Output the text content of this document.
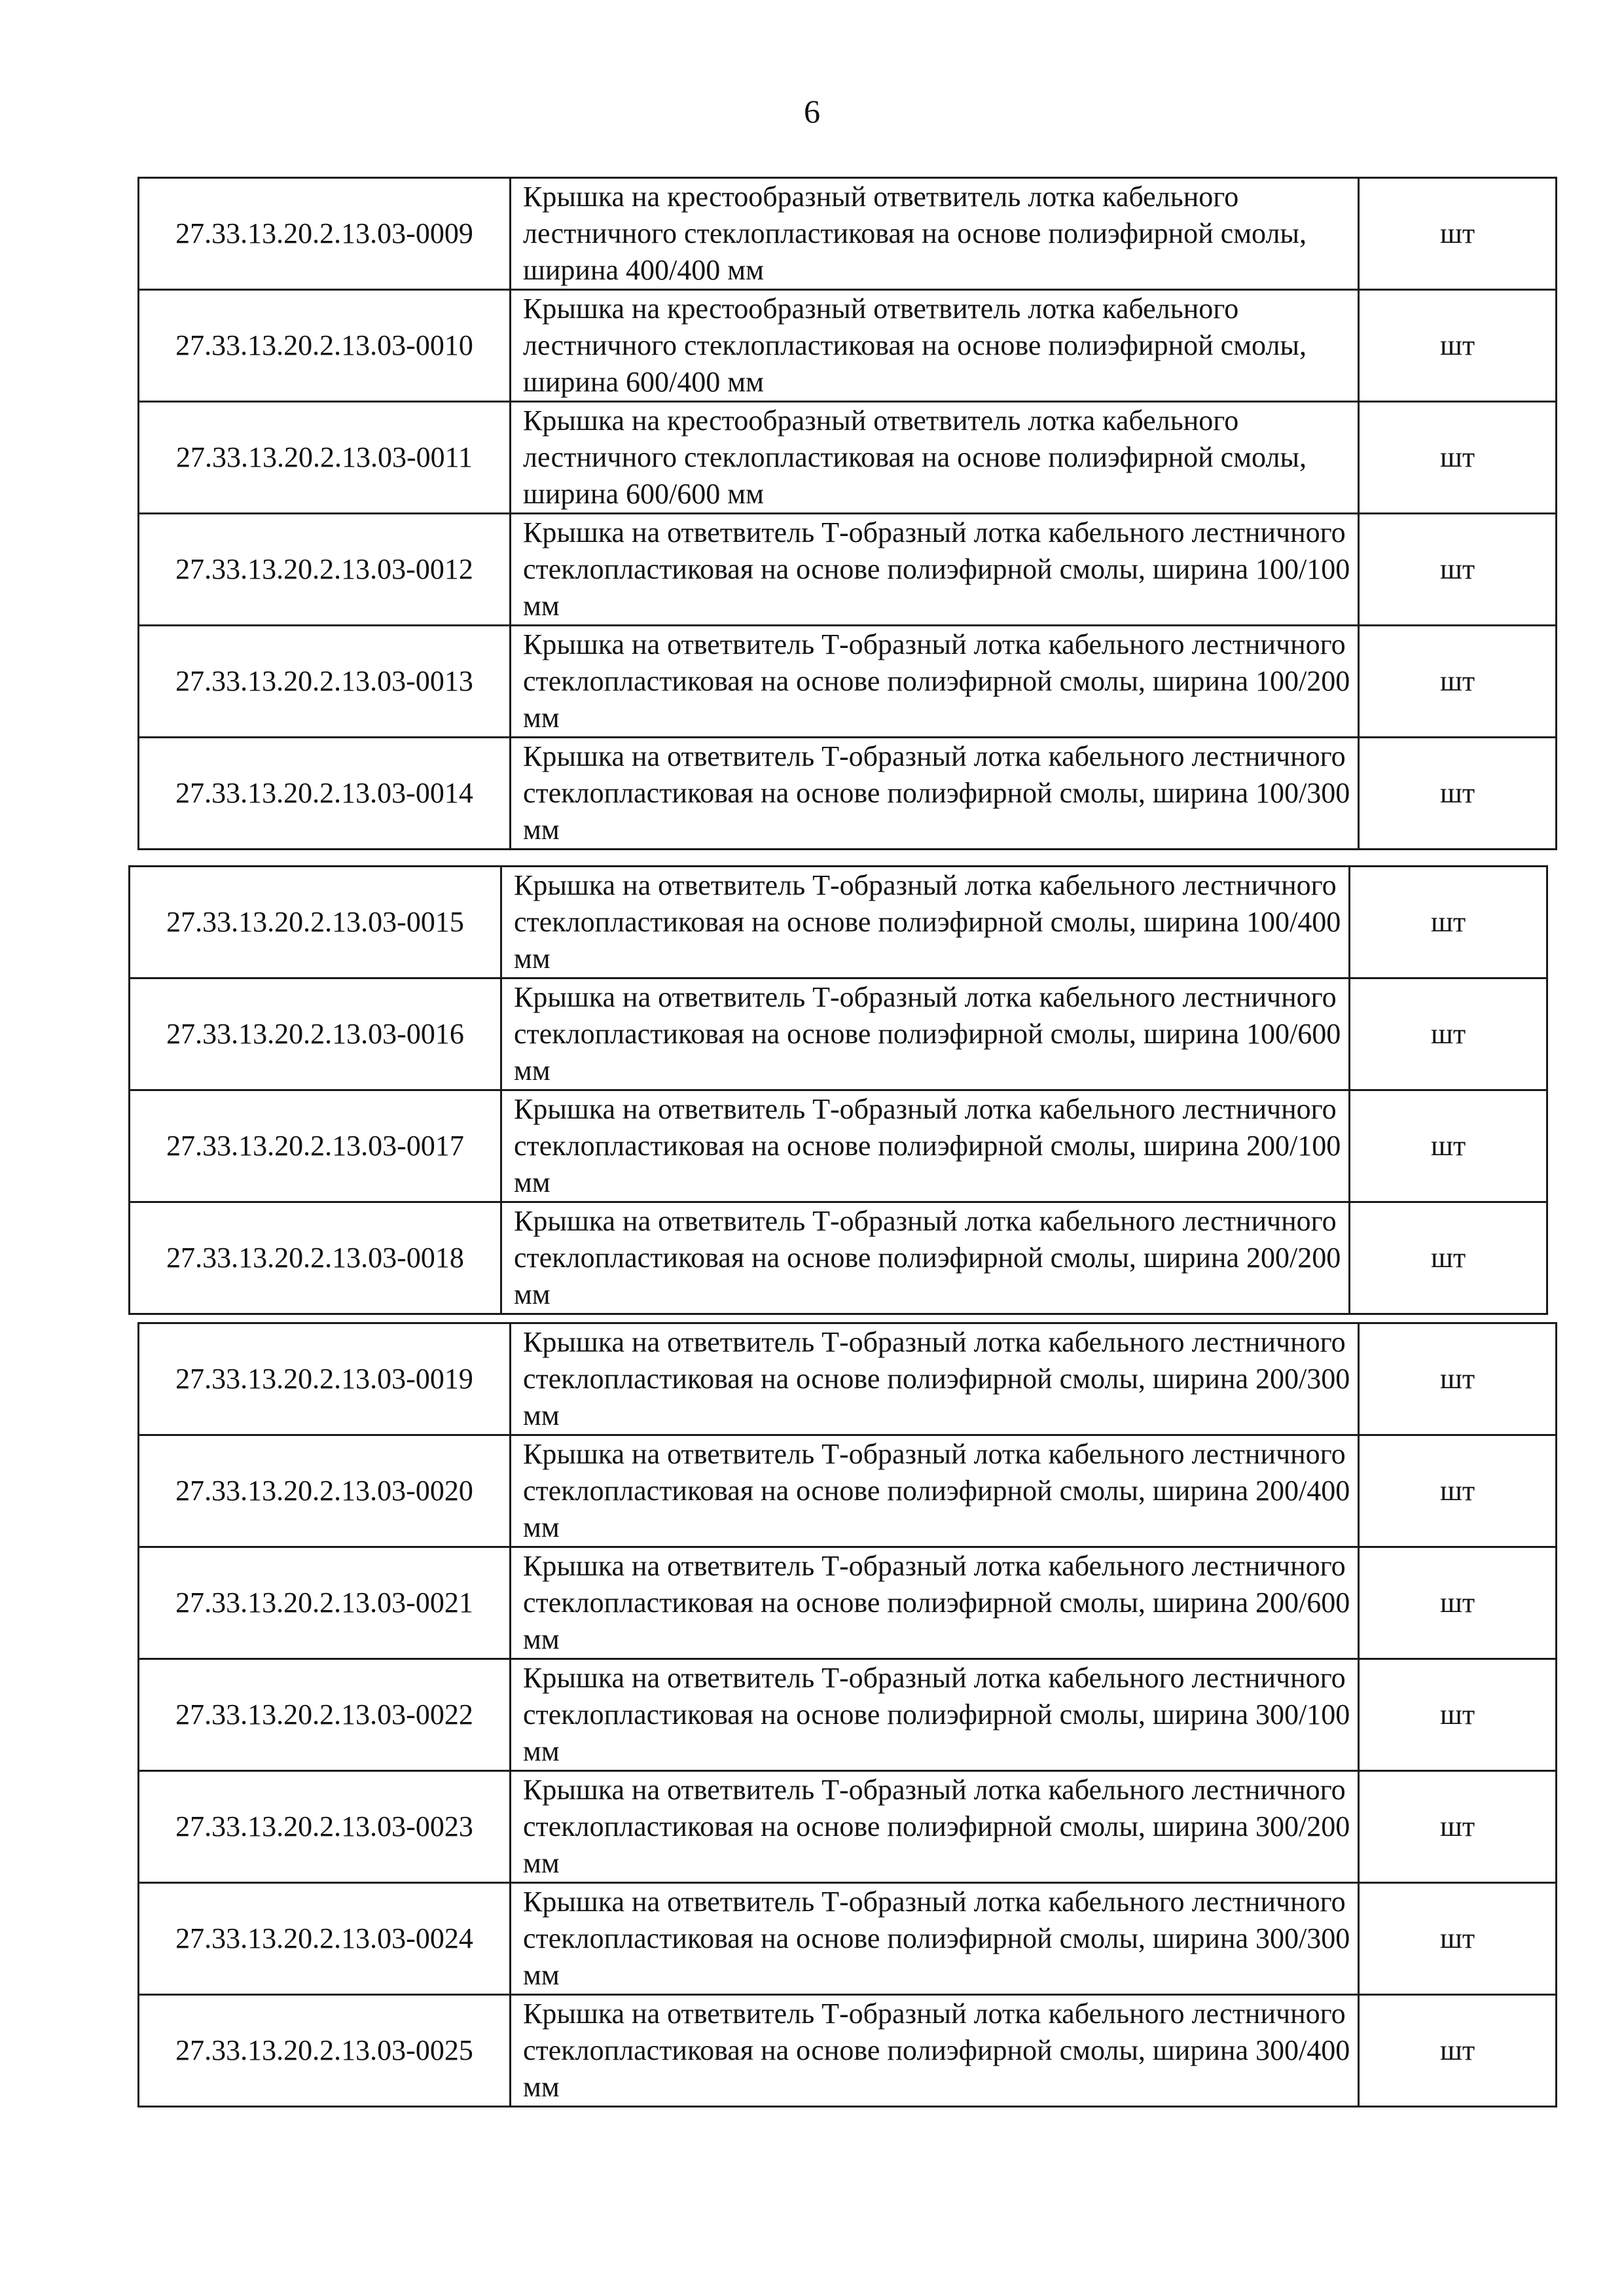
6
27.33.13.20.2.13.03-0009	Крышка на крестообразный ответвитель лотка кабельного лестничного стеклопластиковая на основе полиэфирной смолы, ширина 400/400 мм	шт
27.33.13.20.2.13.03-0010	Крышка на крестообразный ответвитель лотка кабельного лестничного стеклопластиковая на основе полиэфирной смолы, ширина 600/400 мм	шт
27.33.13.20.2.13.03-0011	Крышка на крестообразный ответвитель лотка кабельного лестничного стеклопластиковая на основе полиэфирной смолы, ширина 600/600 мм	шт
27.33.13.20.2.13.03-0012	Крышка на ответвитель Т-образный лотка кабельного лестничного стеклопластиковая на основе полиэфирной смолы, ширина 100/100 мм	шт
27.33.13.20.2.13.03-0013	Крышка на ответвитель Т-образный лотка кабельного лестничного стеклопластиковая на основе полиэфирной смолы, ширина 100/200 мм	шт
27.33.13.20.2.13.03-0014	Крышка на ответвитель Т-образный лотка кабельного лестничного стеклопластиковая на основе полиэфирной смолы, ширина 100/300 мм	шт
27.33.13.20.2.13.03-0015	Крышка на ответвитель Т-образный лотка кабельного лестничного стеклопластиковая на основе полиэфирной смолы, ширина 100/400 мм	шт
27.33.13.20.2.13.03-0016	Крышка на ответвитель Т-образный лотка кабельного лестничного стеклопластиковая на основе полиэфирной смолы, ширина 100/600 мм	шт
27.33.13.20.2.13.03-0017	Крышка на ответвитель Т-образный лотка кабельного лестничного стеклопластиковая на основе полиэфирной смолы, ширина 200/100 мм	шт
27.33.13.20.2.13.03-0018	Крышка на ответвитель Т-образный лотка кабельного лестничного стеклопластиковая на основе полиэфирной смолы, ширина 200/200 мм	шт
27.33.13.20.2.13.03-0019	Крышка на ответвитель Т-образный лотка кабельного лестничного стеклопластиковая на основе полиэфирной смолы, ширина 200/300 мм	шт
27.33.13.20.2.13.03-0020	Крышка на ответвитель Т-образный лотка кабельного лестничного стеклопластиковая на основе полиэфирной смолы, ширина 200/400 мм	шт
27.33.13.20.2.13.03-0021	Крышка на ответвитель Т-образный лотка кабельного лестничного стеклопластиковая на основе полиэфирной смолы, ширина 200/600 мм	шт
27.33.13.20.2.13.03-0022	Крышка на ответвитель Т-образный лотка кабельного лестничного стеклопластиковая на основе полиэфирной смолы, ширина 300/100 мм	шт
27.33.13.20.2.13.03-0023	Крышка на ответвитель Т-образный лотка кабельного лестничного стеклопластиковая на основе полиэфирной смолы, ширина 300/200 мм	шт
27.33.13.20.2.13.03-0024	Крышка на ответвитель Т-образный лотка кабельного лестничного стеклопластиковая на основе полиэфирной смолы, ширина 300/300 мм	шт
27.33.13.20.2.13.03-0025	Крышка на ответвитель Т-образный лотка кабельного лестничного стеклопластиковая на основе полиэфирной смолы, ширина 300/400 мм	шт
